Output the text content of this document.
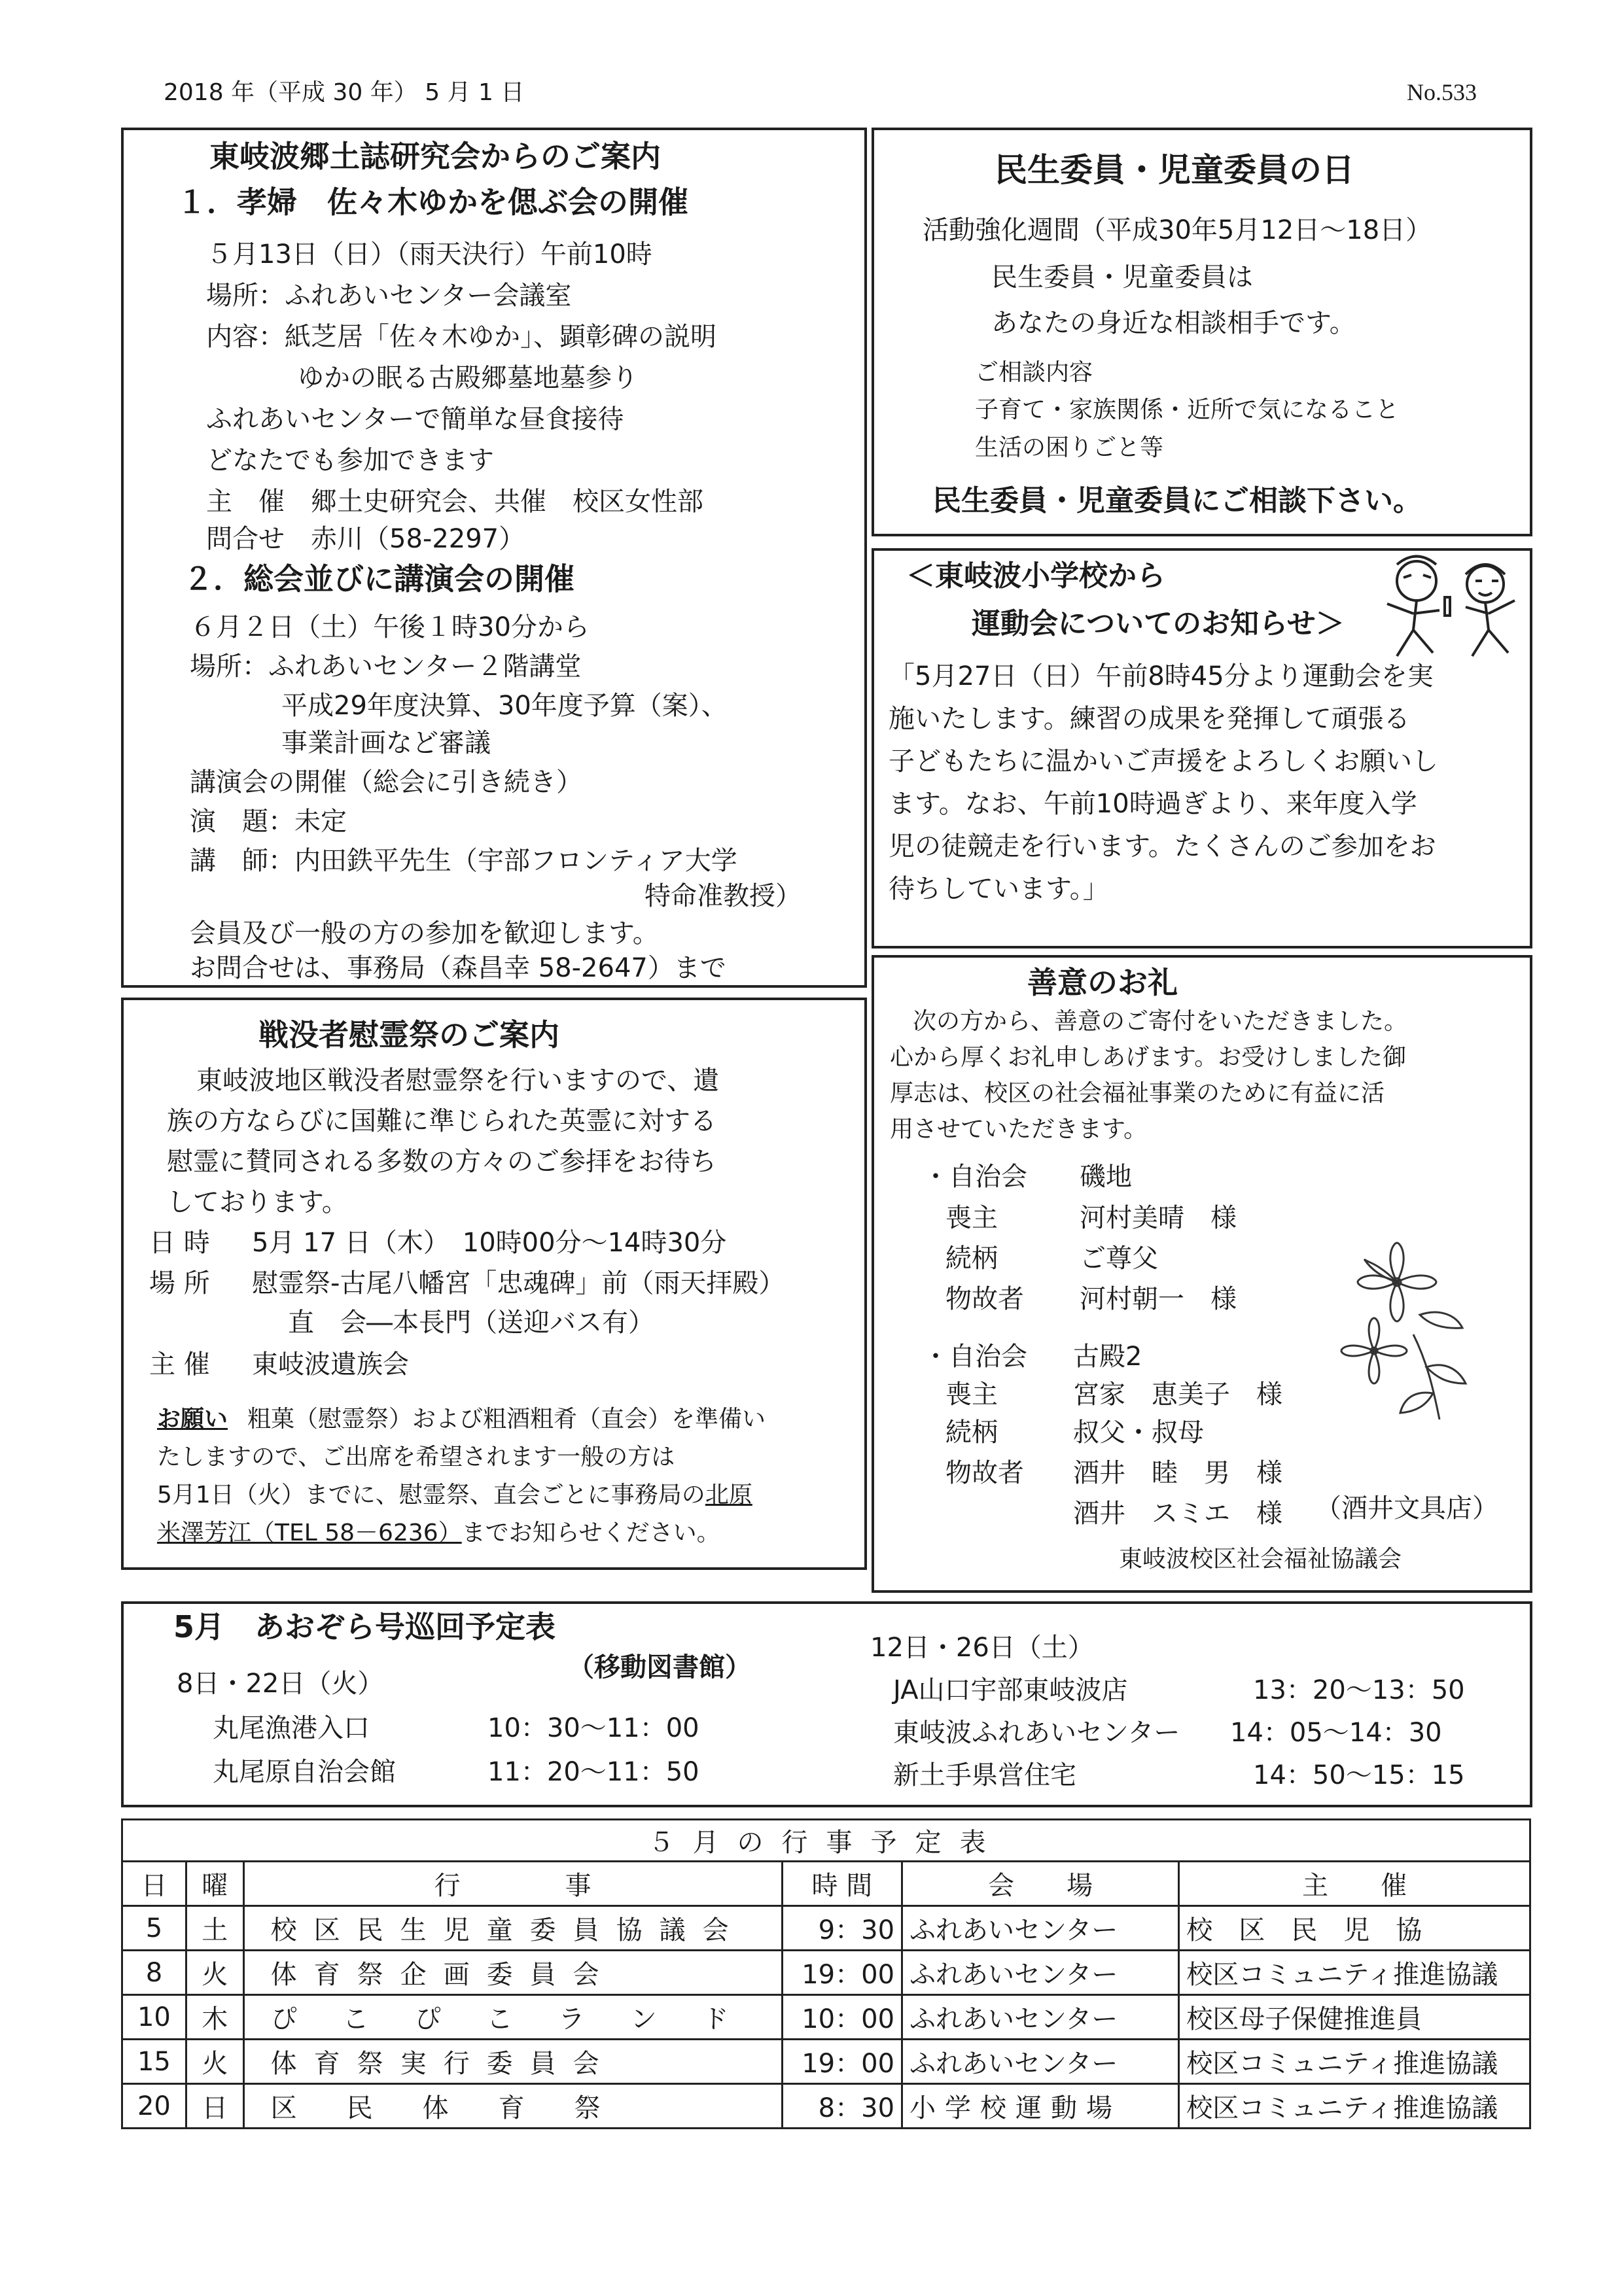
2018 年（平成 30 年） 5 月 1 日	No.533
東岐波郷土誌研究会からのご案内
１．孝婦　佐々木ゆかを偲ぶ会の開催
５月13日（日）（雨天決行）午前10時
場所：ふれあいセンター会議室
内容：紙芝居「佐々木ゆか」、顕彰碑の説明
ゆかの眠る古殿郷墓地墓参り
ふれあいセンターで簡単な昼食接待
どなたでも参加できます
主　催　郷土史研究会、共催　校区女性部
問合せ　赤川（58-2297）
２．総会並びに講演会の開催
６月２日（土）午後１時30分から
場所：ふれあいセンター２階講堂
平成29年度決算、30年度予算（案）、
事業計画など審議
講演会の開催（総会に引き続き）
演　題：未定
講　師：内田鉄平先生（宇部フロンティア大学
特命准教授）
会員及び一般の方の参加を歓迎します。
お問合せは、事務局（森昌幸 58-2647）まで
民生委員・児童委員の日
活動強化週間（平成30年5月12日～18日）
民生委員・児童委員は
あなたの身近な相談相手です。
ご相談内容
子育て・家族関係・近所で気になること
生活の困りごと等
民生委員・児童委員にご相談下さい。
＜東岐波小学校から
運動会についてのお知らせ＞
「5月27日（日）午前8時45分より運動会を実
施いたします。練習の成果を発揮して頑張る
子どもたちに温かいご声援をよろしくお願いし
ます。なお、午前10時過ぎより、来年度入学
児の徒競走を行います。たくさんのご参加をお
待ちしています。」
戦没者慰霊祭のご案内
東岐波地区戦没者慰霊祭を行いますので、遺
族の方ならびに国難に準じられた英霊に対する
慰霊に賛同される多数の方々のご参拝をお待ち
しております。
日 時 5月 17 日（木）　10時00分～14時30分
場 所 慰霊祭-古尾八幡宮「忠魂碑」前（雨天拝殿）
直　会―本長門（送迎バス有）
主 催 東岐波遺族会
お願い 粗菓（慰霊祭）および粗酒粗肴（直会）を準備い
たしますので、ご出席を希望されます一般の方は
5月1日（火）までに、慰霊祭、直会ごとに事務局の北原
米澤芳江（TEL 58－6236）までお知らせください。
善意のお礼
次の方から、善意のご寄付をいただきました。
心から厚くお礼申しあげます。お受けしました御
厚志は、校区の社会福祉事業のために有益に活
用させていただきます。
・自治会 磯地
喪主	河村美晴　様
続柄	ご尊父
物故者 河村朝一　様
・自治会 古殿2
喪主	宮家　恵美子　様
続柄	叔父・叔母
物故者 酒井　睦　男　様
酒井　スミエ　様 （酒井文具店）
東岐波校区社会福祉協議会
5月　あおぞら号巡回予定表
（移動図書館）
8日・22日（火）
丸尾漁港入口	10：30～11：00
丸尾原自治会館	11：20～11：50
12日・26日（土）
JA山口宇部東岐波店	13：20～13：50
東岐波ふれあいセンター 14：05～14：30
新土手県営住宅	14：50～15：15
５月の行事予定表					
日	曜	行　　　　事	時 間	会　　場	主　　催
5	土	校区民生児童委員協議会	9：30	ふれあいセンター	校　区　民　児　協
8	火	体育祭企画委員会	19：00	ふれあいセンター	校区コミュニティ推進協議
10	木	ぴこぴこランド	10：00	ふれあいセンター	校区母子保健推進員
15	火	体育祭実行委員会	19：00	ふれあいセンター	校区コミュニティ推進協議
20	日	区　民　体　育　祭	8：30	小学校運動場	校区コミュニティ推進協議
